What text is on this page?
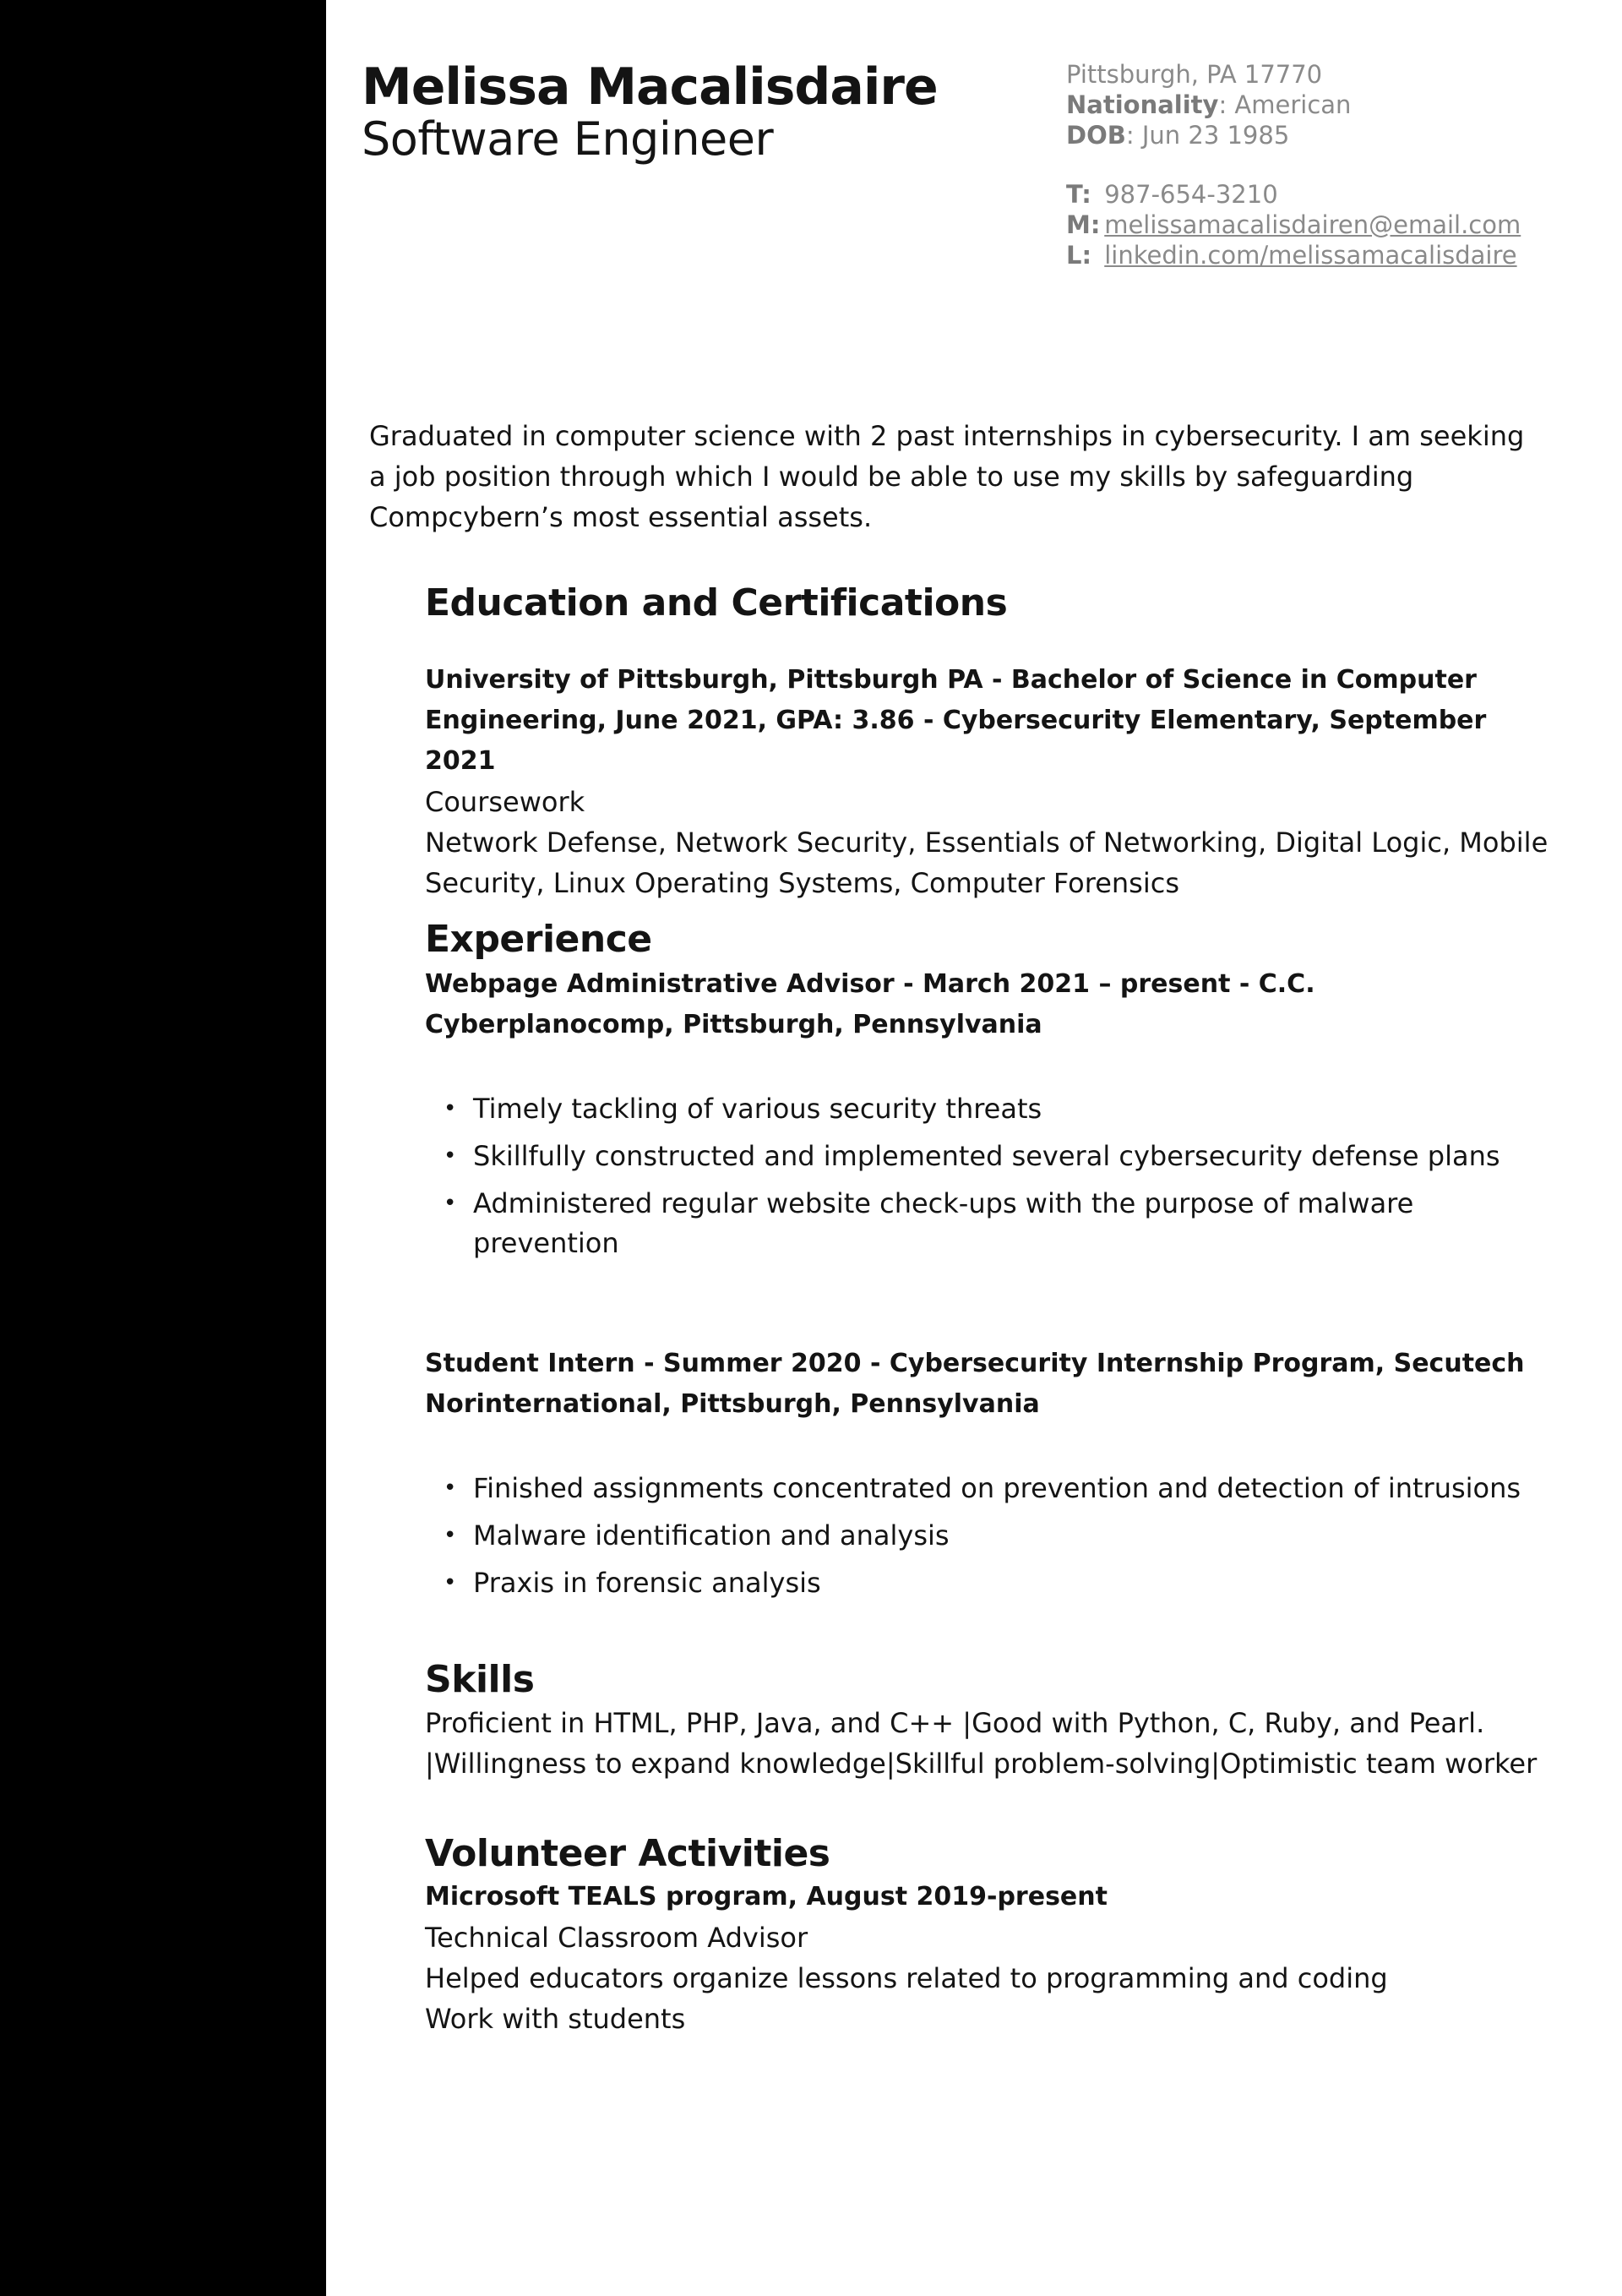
Melissa Macalisdaire
Software Engineer
Pittsburgh, PA 17770
Nationality: American
DOB: Jun 23 1985
T: 987-654-3210
M: melissamacalisdairen@email.com
L: linkedin.com/melissamacalisdaire
Graduated in computer science with 2 past internships in cybersecurity. I am seeking a job position through which I would be able to use my skills by safeguarding Compcybern’s most essential assets.
Education and Certifications
University of Pittsburgh, Pittsburgh PA - Bachelor of Science in Computer Engineering, June 2021, GPA: 3.86 - Cybersecurity Elementary, September 2021
Coursework
Network Defense, Network Security, Essentials of Networking, Digital Logic, Mobile Security, Linux Operating Systems, Computer Forensics
Experience
Webpage Administrative Advisor - March 2021 – present - C.C. Cyberplanocomp, Pittsburgh, Pennsylvania
• Timely tackling of various security threats
• Skillfully constructed and implemented several cybersecurity defense plans
• Administered regular website check-ups with the purpose of malware prevention
Student Intern - Summer 2020 - Cybersecurity Internship Program, Secutech Norinternational, Pittsburgh, Pennsylvania
• Finished assignments concentrated on prevention and detection of intrusions
• Malware identification and analysis
• Praxis in forensic analysis
Skills
Proficient in HTML, PHP, Java, and C++ |Good with Python, C, Ruby, and Pearl.
|Willingness to expand knowledge|Skillful problem-solving|Optimistic team worker
Volunteer Activities
Microsoft TEALS program, August 2019-present
Technical Classroom Advisor
Helped educators organize lessons related to programming and coding
Work with students
